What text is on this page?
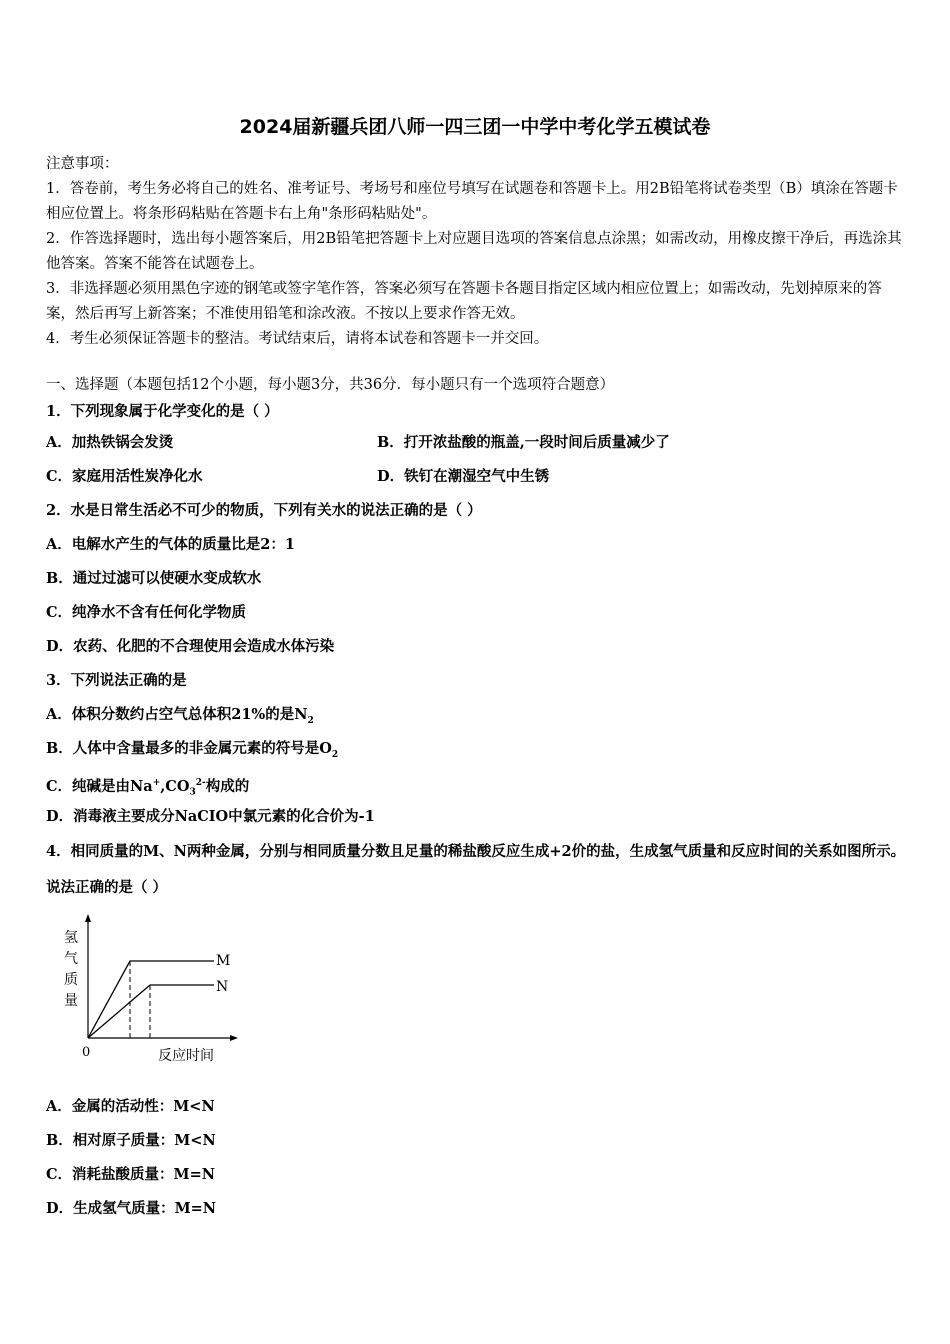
2024届新疆兵团八师一四三团一中学中考化学五模试卷

注意事项：

1．答卷前，考生务必将自己的姓名、准考证号、考场号和座位号填写在试题卷和答题卡上。用2B铅笔将试卷类型（B）填涂在答题卡相应位置上。将条形码粘贴在答题卡右上角"条形码粘贴处"。

2．作答选择题时，选出每小题答案后，用2B铅笔把答题卡上对应题目选项的答案信息点涂黑；如需改动，用橡皮擦干净后，再选涂其他答案。答案不能答在试题卷上。

3．非选择题必须用黑色字迹的钢笔或签字笔作答，答案必须写在答题卡各题目指定区域内相应位置上；如需改动，先划掉原来的答案，然后再写上新答案；不准使用铅笔和涂改液。不按以上要求作答无效。

4．考生必须保证答题卡的整洁。考试结束后，请将本试卷和答题卡一并交回。

一、选择题（本题包括12个小题，每小题3分，共36分．每小题只有一个选项符合题意）
1．下列现象属于化学变化的是（ ）
A．加热铁锅会发烫	B．打开浓盐酸的瓶盖,一段时间后质量减少了
C．家庭用活性炭净化水	D．铁钉在潮湿空气中生锈
2．水是日常生活必不可少的物质，下列有关水的说法正确的是（ ）
A．电解水产生的气体的质量比是2：1
B．通过过滤可以使硬水变成软水
C．纯净水不含有任何化学物质
D．农药、化肥的不合理使用会造成水体污染
3．下列说法正确的是
A．体积分数约占空气总体积21%的是$N_2$
B．人体中含量最多的非金属元素的符号是$O_2$
C．纯碱是由$Na^+,CO_3^{2-}$构成的
D．消毒液主要成分NaCIO中氯元素的化合价为-1
4．相同质量的M、N两种金属，分别与相同质量分数且足量的稀盐酸反应生成+2价的盐，生成氢气质量和反应时间的关系如图所示。说法正确的是（ ）
M
N
氢
气
质
量
0	反应时间
A．金属的活动性：M<N
B．相对原子质量：M<N
C．消耗盐酸质量：M=N
D．生成氢气质量：M=N
